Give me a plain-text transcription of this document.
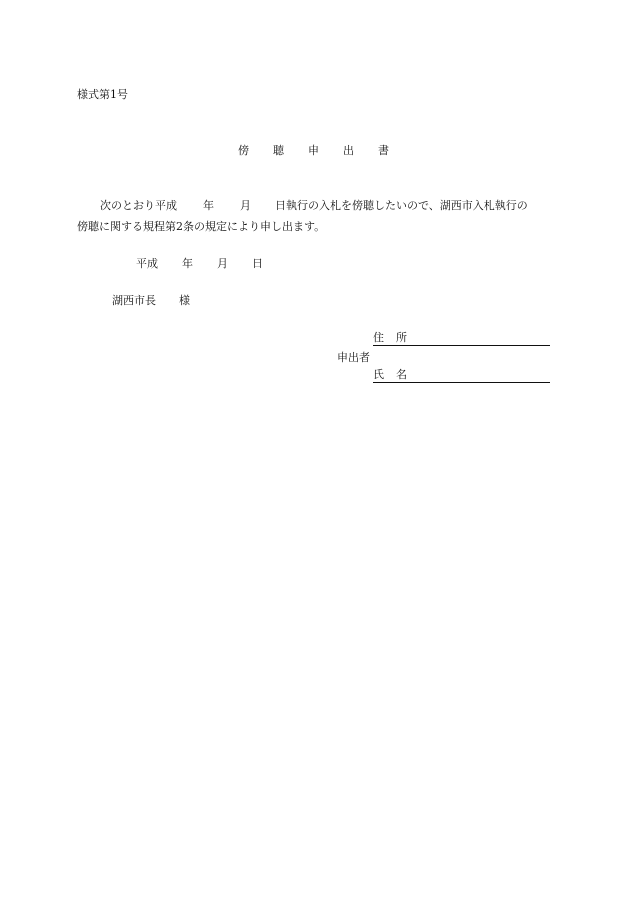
様式第1号
傍	聴	申	出	書
次のとおり平成 年 月 日執行の入札を傍聴したいので、湖西市入札執行の
傍聴に関する規程第2条の規定により申し出ます。
平成 年 月 日
湖西市長 様
住 所
申出者
氏 名
